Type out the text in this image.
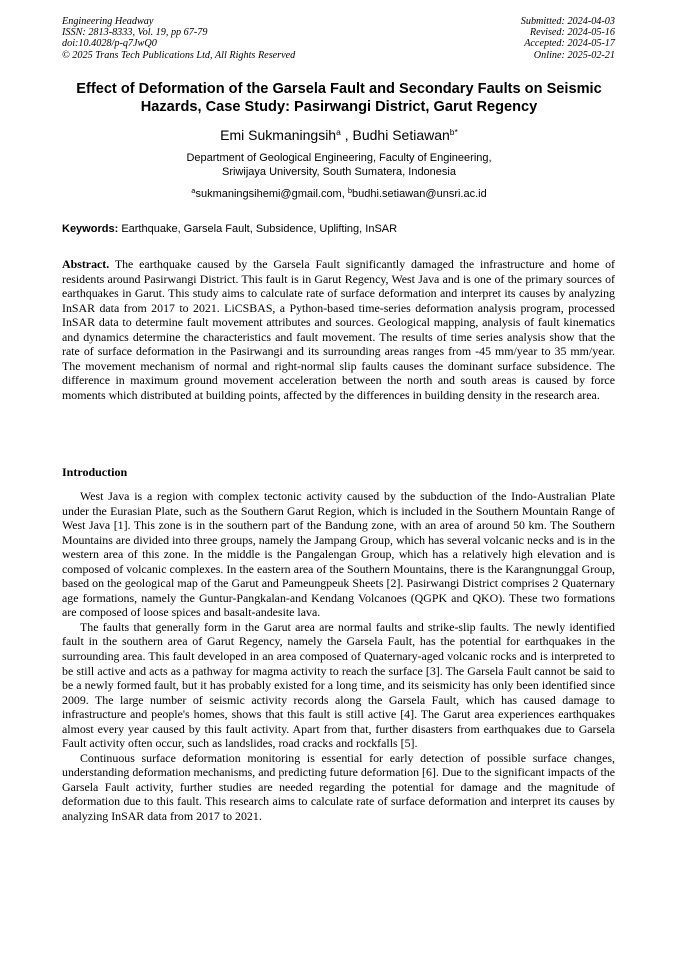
Engineering Headway
ISSN: 2813-8333, Vol. 19, pp 67-79
doi:10.4028/p-q7JwQ0
© 2025 Trans Tech Publications Ltd, All Rights Reserved
Submitted: 2024-04-03
Revised: 2024-05-16
Accepted: 2024-05-17
Online: 2025-02-21
Effect of Deformation of the Garsela Fault and Secondary Faults on Seismic Hazards, Case Study: Pasirwangi District, Garut Regency
Emi Sukmaningsih$^a$ , Budhi Setiawan$^{b*}$
Department of Geological Engineering, Faculty of Engineering,
Sriwijaya University, South Sumatera, Indonesia
$^a$sukmaningsihemi@gmail.com, $^b$budhi.setiawan@unsri.ac.id
Keywords: Earthquake, Garsela Fault, Subsidence, Uplifting, InSAR

Abstract. The earthquake caused by the Garsela Fault significantly damaged the infrastructure and home of residents around Pasirwangi District. This fault is in Garut Regency, West Java and is one of the primary sources of earthquakes in Garut. This study aims to calculate rate of surface deformation and interpret its causes by analyzing InSAR data from 2017 to 2021. LiCSBAS, a Python-based time-series deformation analysis program, processed InSAR data to determine fault movement attributes and sources. Geological mapping, analysis of fault kinematics and dynamics determine the characteristics and fault movement. The results of time series analysis show that the rate of surface deformation in the Pasirwangi and its surrounding areas ranges from -45 mm/year to 35 mm/year. The movement mechanism of normal and right-normal slip faults causes the dominant surface subsidence. The difference in maximum ground movement acceleration between the north and south areas is caused by force moments which distributed at building points, affected by the differences in building density in the research area.

Introduction

West Java is a region with complex tectonic activity caused by the subduction of the Indo-Australian Plate under the Eurasian Plate, such as the Southern Garut Region, which is included in the Southern Mountain Range of West Java [1]. This zone is in the southern part of the Bandung zone, with an area of around 50 km. The Southern Mountains are divided into three groups, namely the Jampang Group, which has several volcanic necks and is in the western area of this zone. In the middle is the Pangalengan Group, which has a relatively high elevation and is composed of volcanic complexes. In the eastern area of the Southern Mountains, there is the Karangnunggal Group, based on the geological map of the Garut and Pameungpeuk Sheets [2]. Pasirwangi District comprises 2 Quaternary age formations, namely the Guntur-Pangkalan-and Kendang Volcanoes (QGPK and QKO). These two formations are composed of loose spices and basalt-andesite lava.

The faults that generally form in the Garut area are normal faults and strike-slip faults. The newly identified fault in the southern area of Garut Regency, namely the Garsela Fault, has the potential for earthquakes in the surrounding area. This fault developed in an area composed of Quaternary-aged volcanic rocks and is interpreted to be still active and acts as a pathway for magma activity to reach the surface [3]. The Garsela Fault cannot be said to be a newly formed fault, but it has probably existed for a long time, and its seismicity has only been identified since 2009. The large number of seismic activity records along the Garsela Fault, which has caused damage to infrastructure and people's homes, shows that this fault is still active [4]. The Garut area experiences earthquakes almost every year caused by this fault activity. Apart from that, further disasters from earthquakes due to Garsela Fault activity often occur, such as landslides, road cracks and rockfalls [5].

Continuous surface deformation monitoring is essential for early detection of possible surface changes, understanding deformation mechanisms, and predicting future deformation [6]. Due to the significant impacts of the Garsela Fault activity, further studies are needed regarding the potential for damage and the magnitude of deformation due to this fault. This research aims to calculate rate of surface deformation and interpret its causes by analyzing InSAR data from 2017 to 2021.
